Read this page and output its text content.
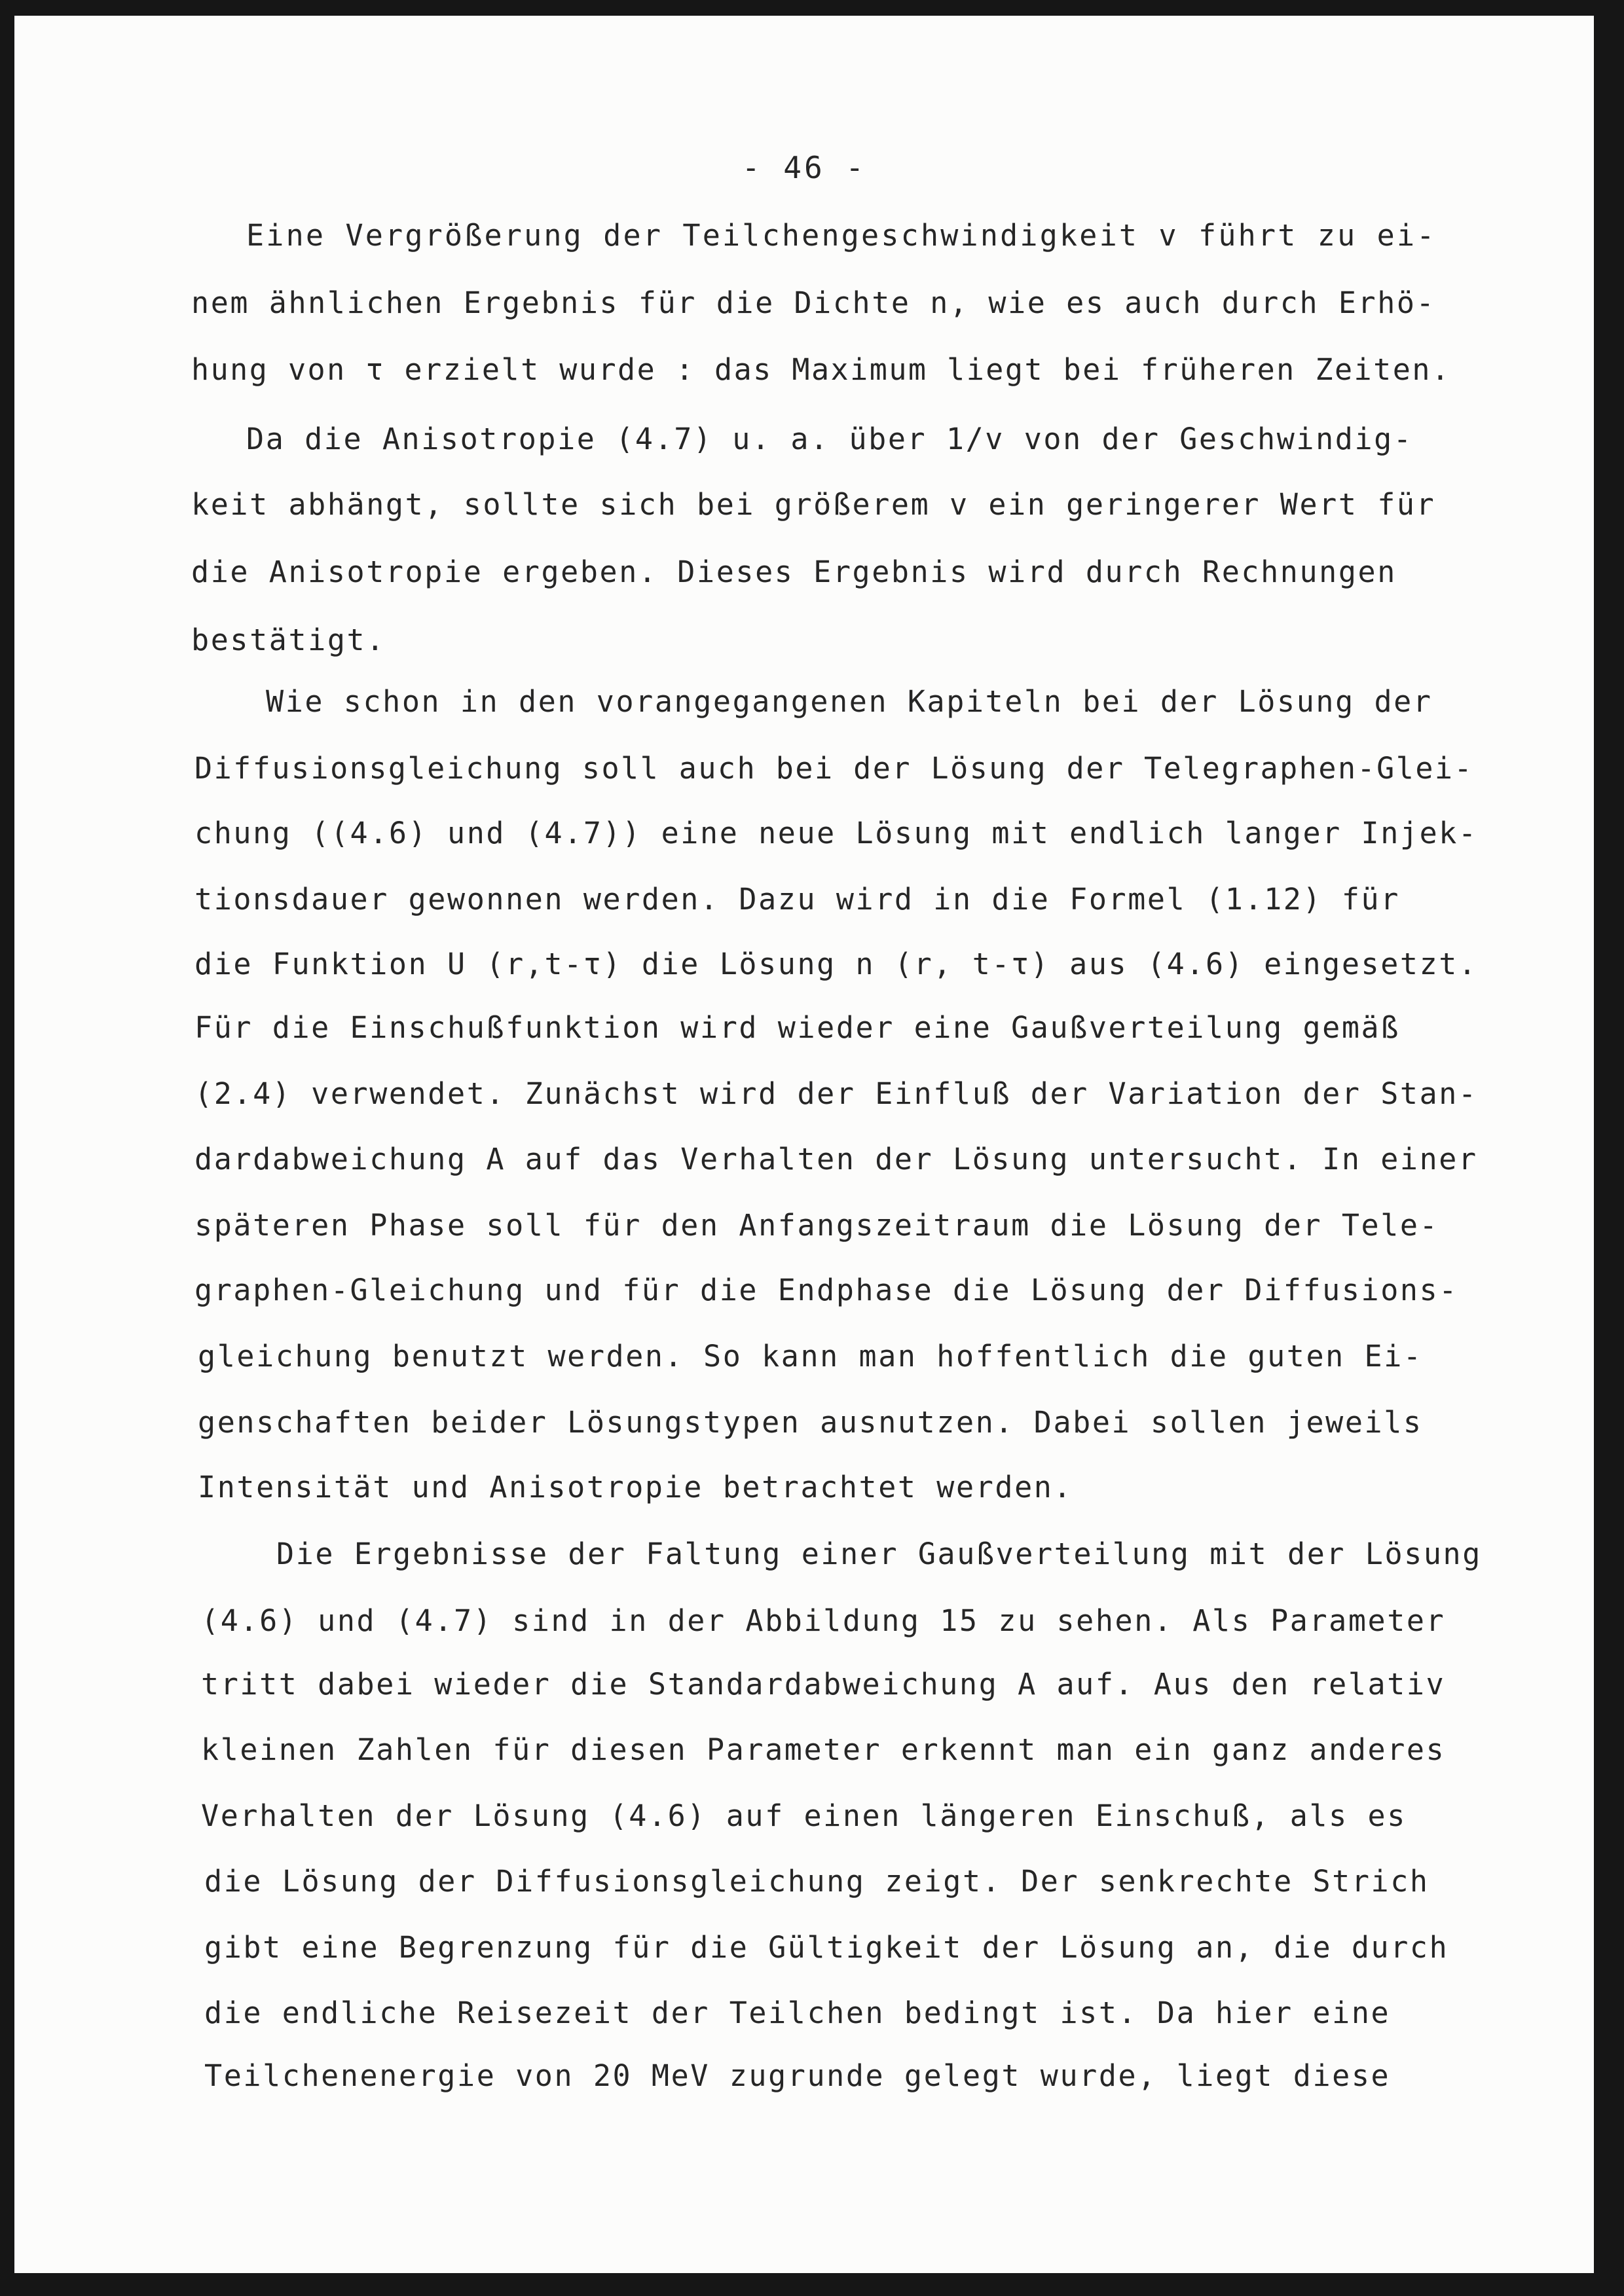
- 46 -
Eine Vergrößerung der Teilchengeschwindigkeit v führt zu ei-
nem ähnlichen Ergebnis für die Dichte n, wie es auch durch Erhö-
hung von τ erzielt wurde : das Maximum liegt bei früheren Zeiten.
Da die Anisotropie (4.7) u. a. über 1/v von der Geschwindig-
keit abhängt, sollte sich bei größerem v ein geringerer Wert für
die Anisotropie ergeben. Dieses Ergebnis wird durch Rechnungen
bestätigt.
Wie schon in den vorangegangenen Kapiteln bei der Lösung der
Diffusionsgleichung soll auch bei der Lösung der Telegraphen-Glei-
chung ((4.6) und (4.7)) eine neue Lösung mit endlich langer Injek-
tionsdauer gewonnen werden. Dazu wird in die Formel (1.12) für
die Funktion U (r,t-τ) die Lösung n (r, t-τ) aus (4.6) eingesetzt.
Für die Einschußfunktion wird wieder eine Gaußverteilung gemäß
(2.4) verwendet. Zunächst wird der Einfluß der Variation der Stan-
dardabweichung A auf das Verhalten der Lösung untersucht. In einer
späteren Phase soll für den Anfangszeitraum die Lösung der Tele-
graphen-Gleichung und für die Endphase die Lösung der Diffusions-
gleichung benutzt werden. So kann man hoffentlich die guten Ei-
genschaften beider Lösungstypen ausnutzen. Dabei sollen jeweils
Intensität und Anisotropie betrachtet werden.
Die Ergebnisse der Faltung einer Gaußverteilung mit der Lösung
(4.6) und (4.7) sind in der Abbildung 15 zu sehen. Als Parameter
tritt dabei wieder die Standardabweichung A auf. Aus den relativ
kleinen Zahlen für diesen Parameter erkennt man ein ganz anderes
Verhalten der Lösung (4.6) auf einen längeren Einschuß, als es
die Lösung der Diffusionsgleichung zeigt. Der senkrechte Strich
gibt eine Begrenzung für die Gültigkeit der Lösung an, die durch
die endliche Reisezeit der Teilchen bedingt ist. Da hier eine
Teilchenenergie von 20 MeV zugrunde gelegt wurde, liegt diese
